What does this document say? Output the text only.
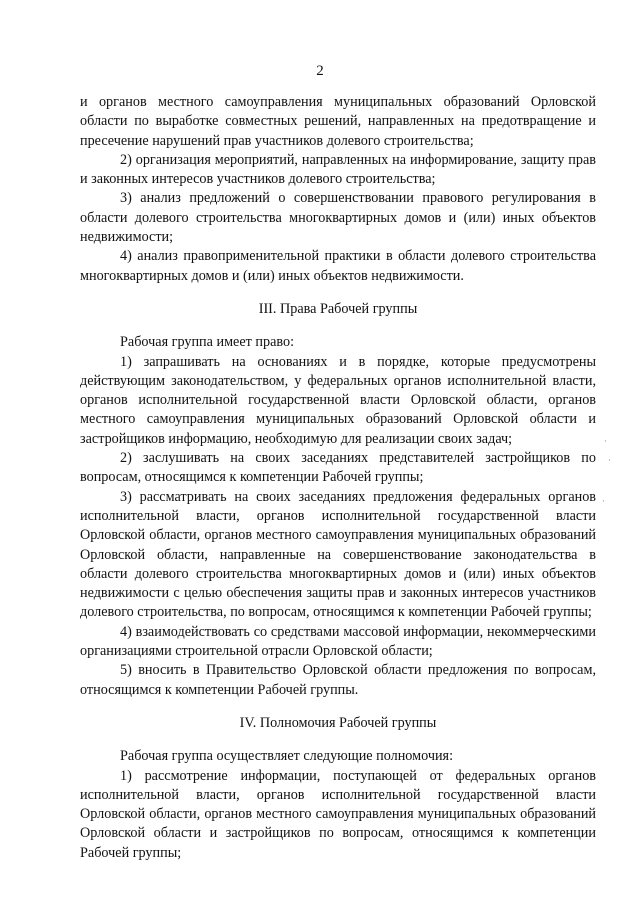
2

и органов местного самоуправления муниципальных образований Орловской области по выработке совместных решений, направленных на предотвращение и пресечение нарушений прав участников долевого строительства;

2) организация мероприятий, направленных на информирование, защиту прав и законных интересов участников долевого строительства;

3) анализ предложений о совершенствовании правового регулирования в области долевого строительства многоквартирных домов и (или) иных объектов недвижимости;

4) анализ правоприменительной практики в области долевого строительства многоквартирных домов и (или) иных объектов недвижимости.

III. Права Рабочей группы

Рабочая группа имеет право:

1) запрашивать на основаниях и в порядке, которые предусмотрены действующим законодательством, у федеральных органов исполнительной власти, органов исполнительной государственной власти Орловской области, органов местного самоуправления муниципальных образований Орловской области и застройщиков информацию, необходимую для реализации своих задач;

2) заслушивать на своих заседаниях представителей застройщиков по вопросам, относящимся к компетенции Рабочей группы;

3) рассматривать на своих заседаниях предложения федеральных органов исполнительной власти, органов исполнительной государственной власти Орловской области, органов местного самоуправления муниципальных образований Орловской области, направленные на совершенствование законодательства в области долевого строительства многоквартирных домов и (или) иных объектов недвижимости с целью обеспечения защиты прав и законных интересов участников долевого строительства, по вопросам, относящимся к компетенции Рабочей группы;

4) взаимодействовать со средствами массовой информации, некоммерческими организациями строительной отрасли Орловской области;

5) вносить в Правительство Орловской области предложения по вопросам, относящимся к компетенции Рабочей группы.

IV. Полномочия Рабочей группы

Рабочая группа осуществляет следующие полномочия:

1) рассмотрение информации, поступающей от федеральных органов исполнительной власти, органов исполнительной государственной власти Орловской области, органов местного самоуправления муниципальных образований Орловской области и застройщиков по вопросам, относящимся к компетенции Рабочей группы;

·
·
·
